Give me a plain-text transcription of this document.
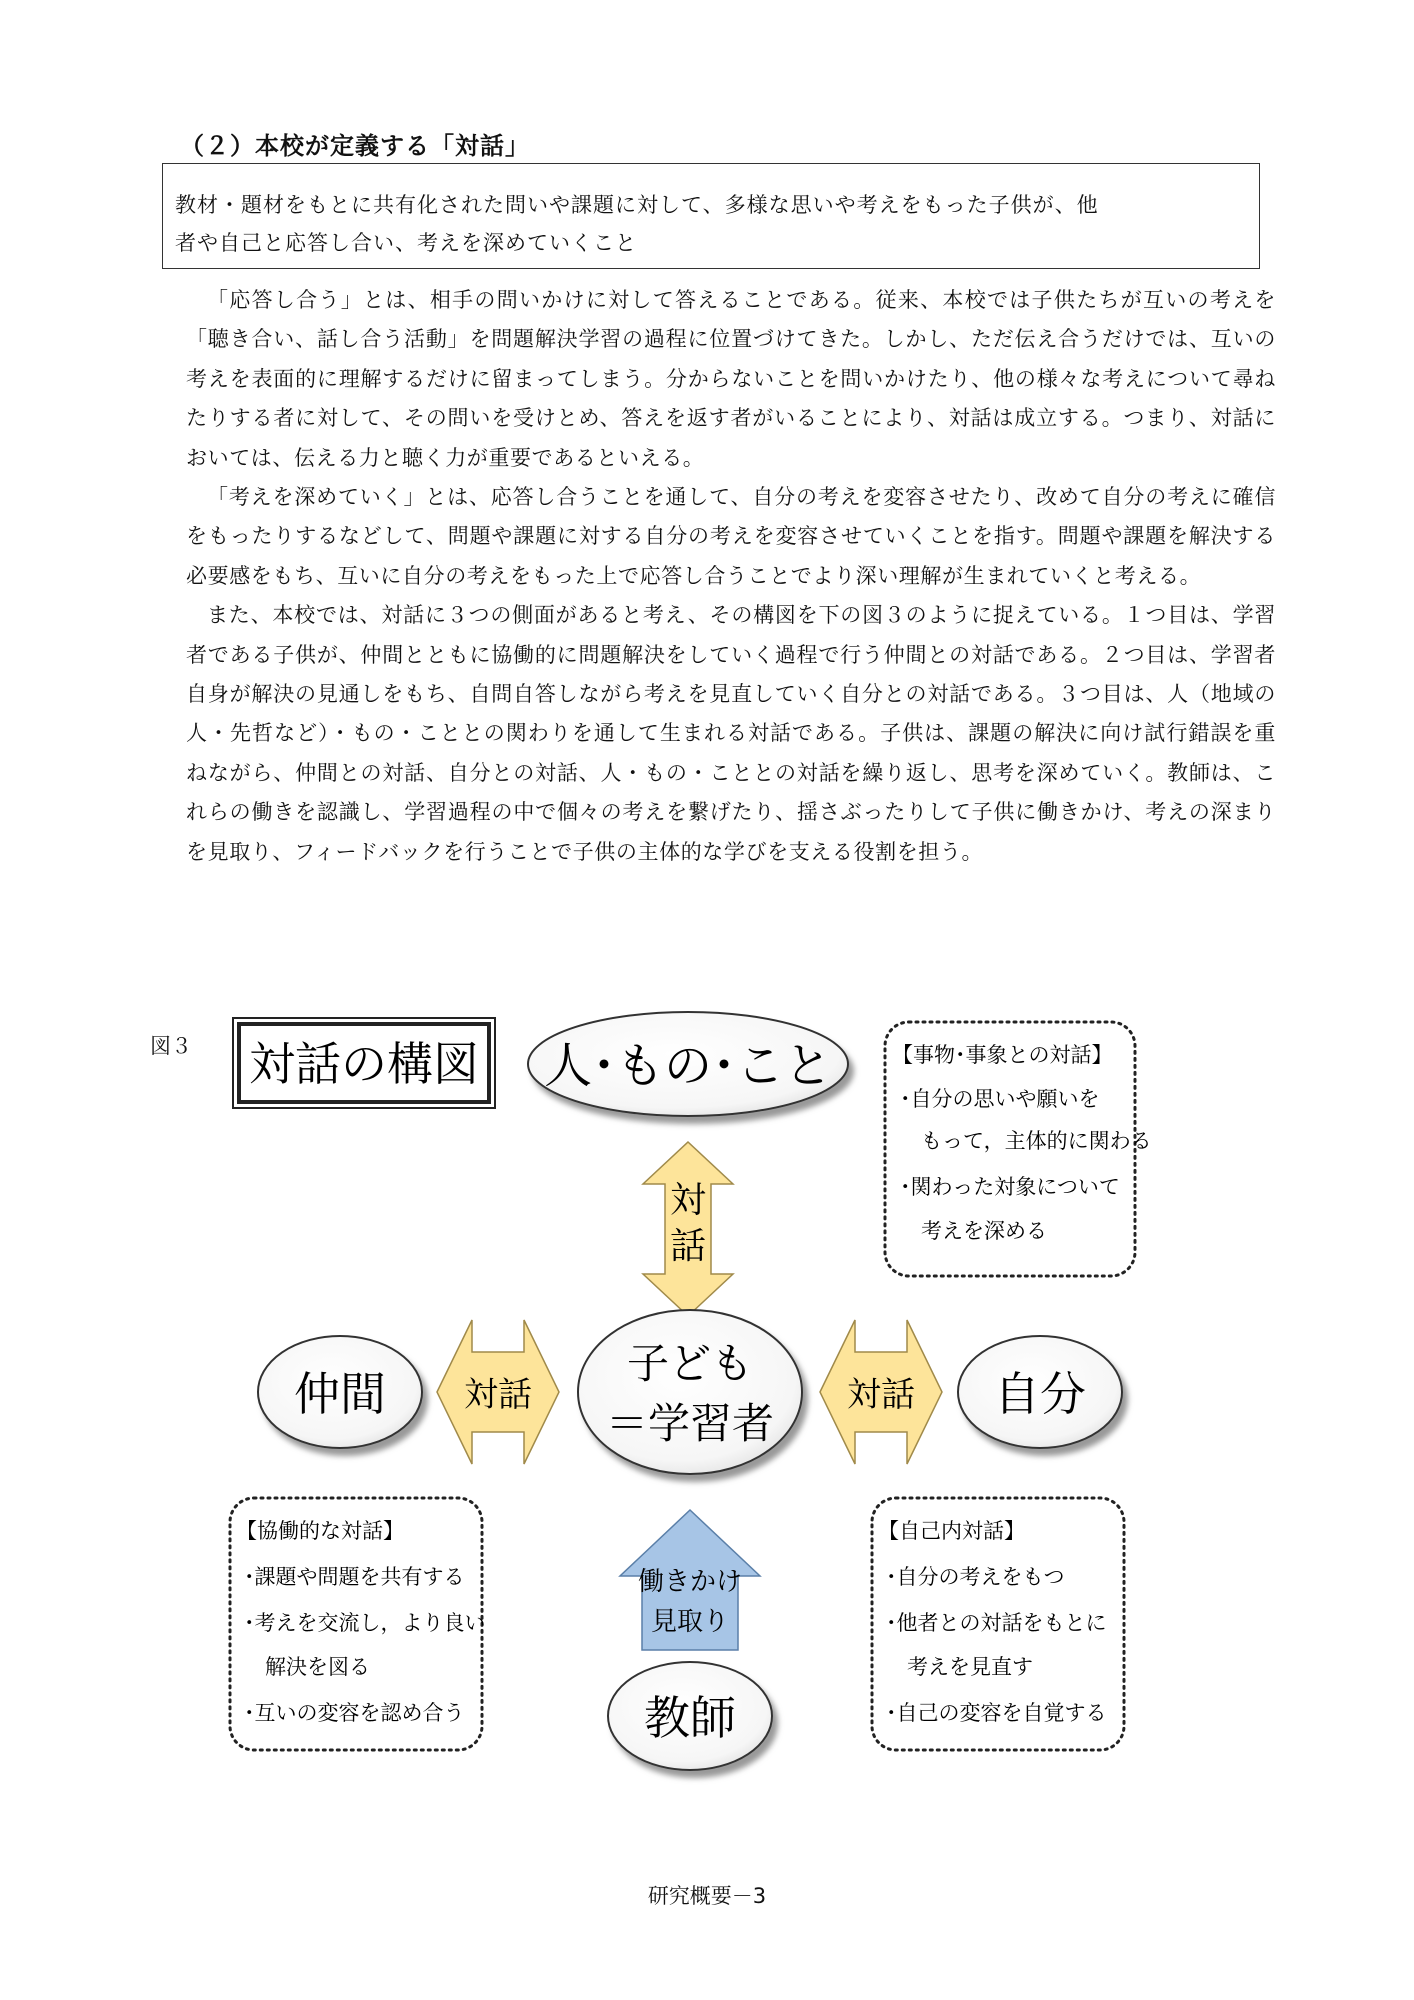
（２）本校が定義する「対話」

教材・題材をもとに共有化された問いや課題に対して、多様な思いや考えをもった子供が、他

者や自己と応答し合い、考えを深めていくこと

「応答し合う」とは、相手の問いかけに対して答えることである。従来、本校では子供たちが互いの考えを「聴き合い、話し合う活動」を問題解決学習の過程に位置づけてきた。しかし、ただ伝え合うだけでは、互いの考えを表面的に理解するだけに留まってしまう。分からないことを問いかけたり、他の様々な考えについて尋ねたりする者に対して、その問いを受けとめ、答えを返す者がいることにより、対話は成立する。つまり、対話においては、伝える力と聴く力が重要であるといえる。

「考えを深めていく」とは、応答し合うことを通して、自分の考えを変容させたり、改めて自分の考えに確信をもったりするなどして、問題や課題に対する自分の考えを変容させていくことを指す。問題や課題を解決する必要感をもち、互いに自分の考えをもった上で応答し合うことでより深い理解が生まれていくと考える。

また、本校では、対話に３つの側面があると考え、その構図を下の図３のように捉えている。１つ目は、学習者である子供が、仲間とともに協働的に問題解決をしていく過程で行う仲間との対話である。２つ目は、学習者自身が解決の見通しをもち、自問自答しながら考えを見直していく自分との対話である。３つ目は、人（地域の人・先哲など）・もの・こととの関わりを通して生まれる対話である。子供は、課題の解決に向け試行錯誤を重ねながら、仲間との対話、自分との対話、人・もの・こととの対話を繰り返し、思考を深めていく。教師は、これらの働きを認識し、学習過程の中で個々の考えを繋げたり、揺さぶったりして子供に働きかけ、考えの深まりを見取り、フィードバックを行うことで子供の主体的な学びを支える役割を担う。

図３ 対話の構図 人･もの･こと
対
話
【事物･事象との対話】
･自分の思いや願いを
　もって，主体的に関わる
･関わった対象について
　考えを深める
仲間 対話
子ども
＝学習者
対話 自分
【協働的な対話】
･課題や問題を共有する
･考えを交流し，より良い
　解決を図る
･互いの変容を認め合う
働きかけ
見取り
教師
【自己内対話】
･自分の考えをもつ
･他者との対話をもとに
　考えを見直す
･自己の変容を自覚する
研究概要－3
